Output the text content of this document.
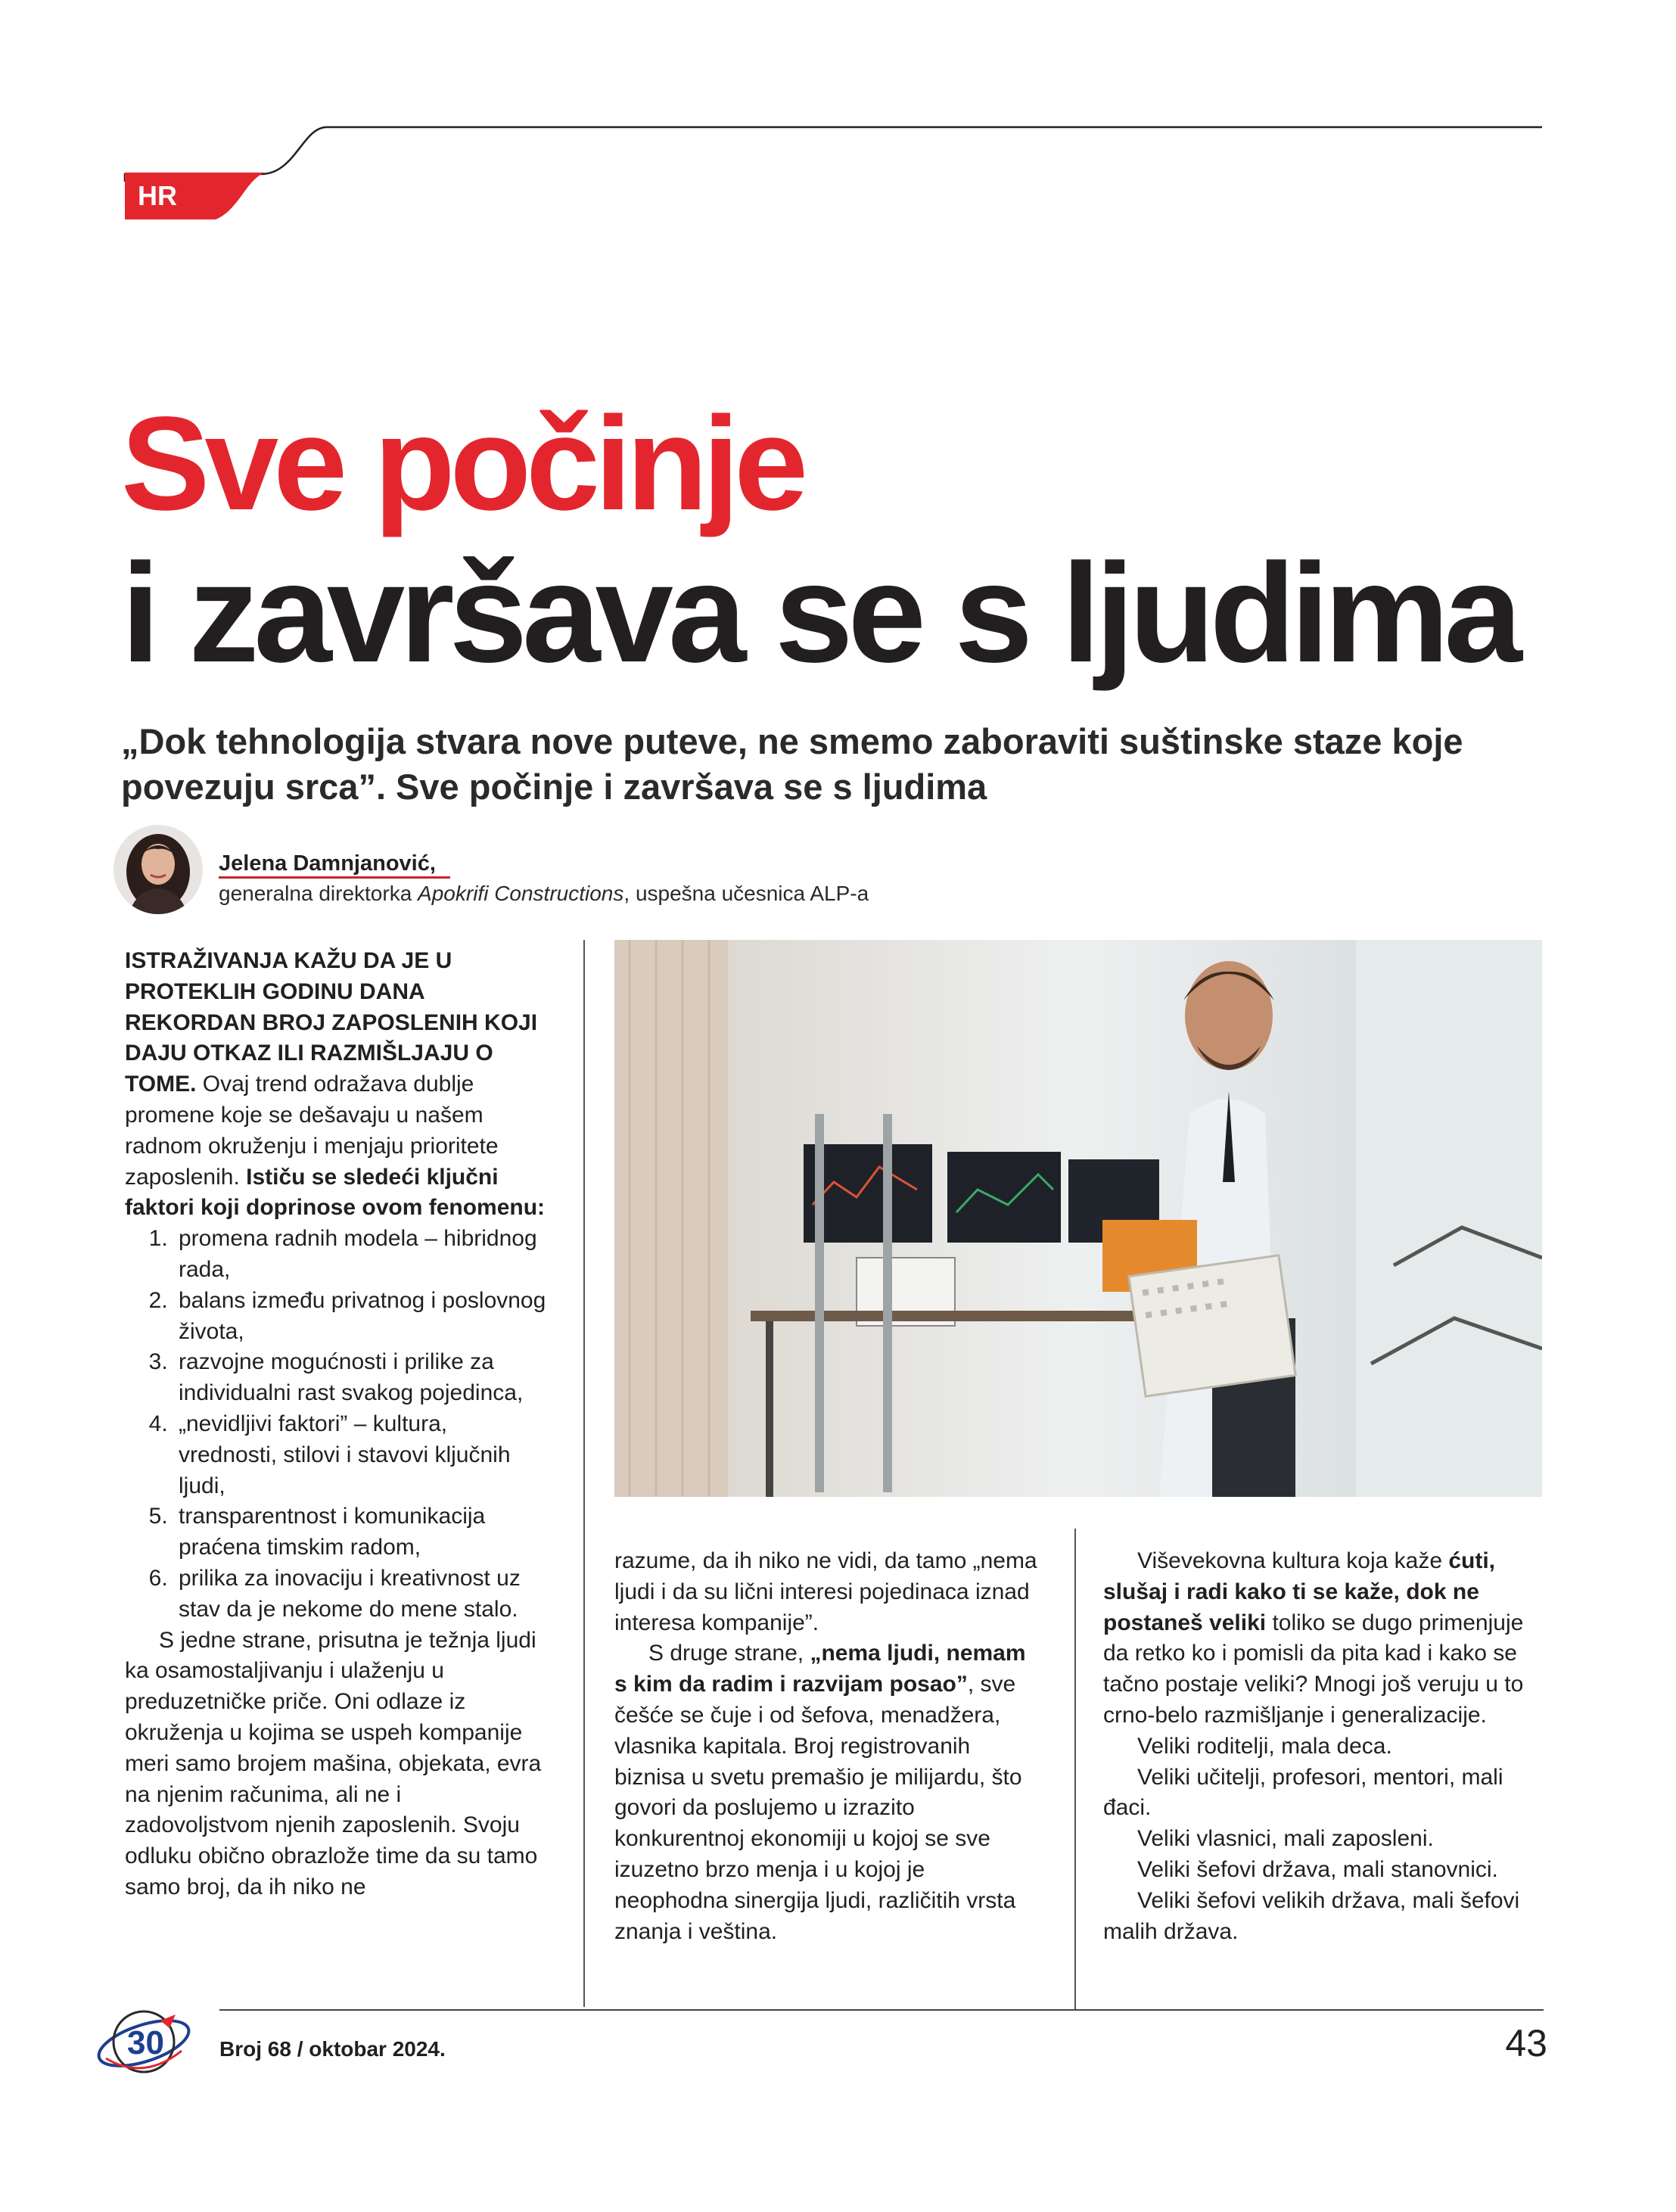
HR
Sve počinje
i završava se s ljudima
„Dok tehnologija stvara nove puteve, ne smemo zaboraviti suštinske staze koje povezuju srca”. Sve počinje i završava se s ljudima
Jelena Damnjanović,
generalna direktorka Apokrifi Constructions, uspešna učesnica ALP-a

ISTRAŽIVANJA KAŽU DA JE U PROTEKLIH GODINU DANA REKORDAN BROJ ZAPOSLENIH KOJI DAJU OTKAZ ILI RAZMIŠLJAJU O TOME. Ovaj trend odražava dublje promene koje se dešavaju u našem radnom okruženju i menjaju prioritete zaposlenih. Ističu se sledeći ključni faktori koji doprinose ovom fenomenu:

1. promena radnih modela – hibridnog rada,
2. balans između privatnog i poslovnog života,
3. razvojne mogućnosti i prilike za individualni rast svakog pojedinca,
4. „nevidljivi faktori” – kultura, vrednosti, stilovi i stavovi ključnih ljudi,
5. transparentnost i komunikacija praćena timskim radom,
6. prilika za inovaciju i kreativnost uz stav da je nekome do mene stalo.

S jedne strane, prisutna je težnja ljudi ka osamostaljivanju i ulaženju u preduzetničke priče. Oni odlaze iz okruženja u kojima se uspeh kompanije meri samo brojem mašina, objekata, evra na njenim računima, ali ne i zadovoljstvom njenih zaposlenih. Svoju odluku obično obrazlože time da su tamo samo broj, da ih niko ne

razume, da ih niko ne vidi, da tamo „nema ljudi i da su lični interesi pojedinaca iznad interesa kompanije”.

S druge strane, „nema ljudi, nemam s kim da radim i razvijam posao”, sve češće se čuje i od šefova, menadžera, vlasnika kapitala. Broj registrovanih biznisa u svetu premašio je milijardu, što govori da poslujemo u izrazito konkurentnoj ekonomiji u kojoj se sve izuzetno brzo menja i u kojoj je neophodna sinergija ljudi, različitih vrsta znanja i veština.

Viševekovna kultura koja kaže ćuti, slušaj i radi kako ti se kaže, dok ne postaneš veliki toliko se dugo primenjuje da retko ko i pomisli da pita kad i kako se tačno postaje veliki? Mnogi još veruju u to crno-belo razmišljanje i generalizacije.

Veliki roditelji, mala deca.

Veliki učitelji, profesori, mentori, mali đaci.

Veliki vlasnici, mali zaposleni.

Veliki šefovi država, mali stanovnici.

Veliki šefovi velikih država, mali šefovi malih država.

30	Broj 68 / oktobar 2024.	43
